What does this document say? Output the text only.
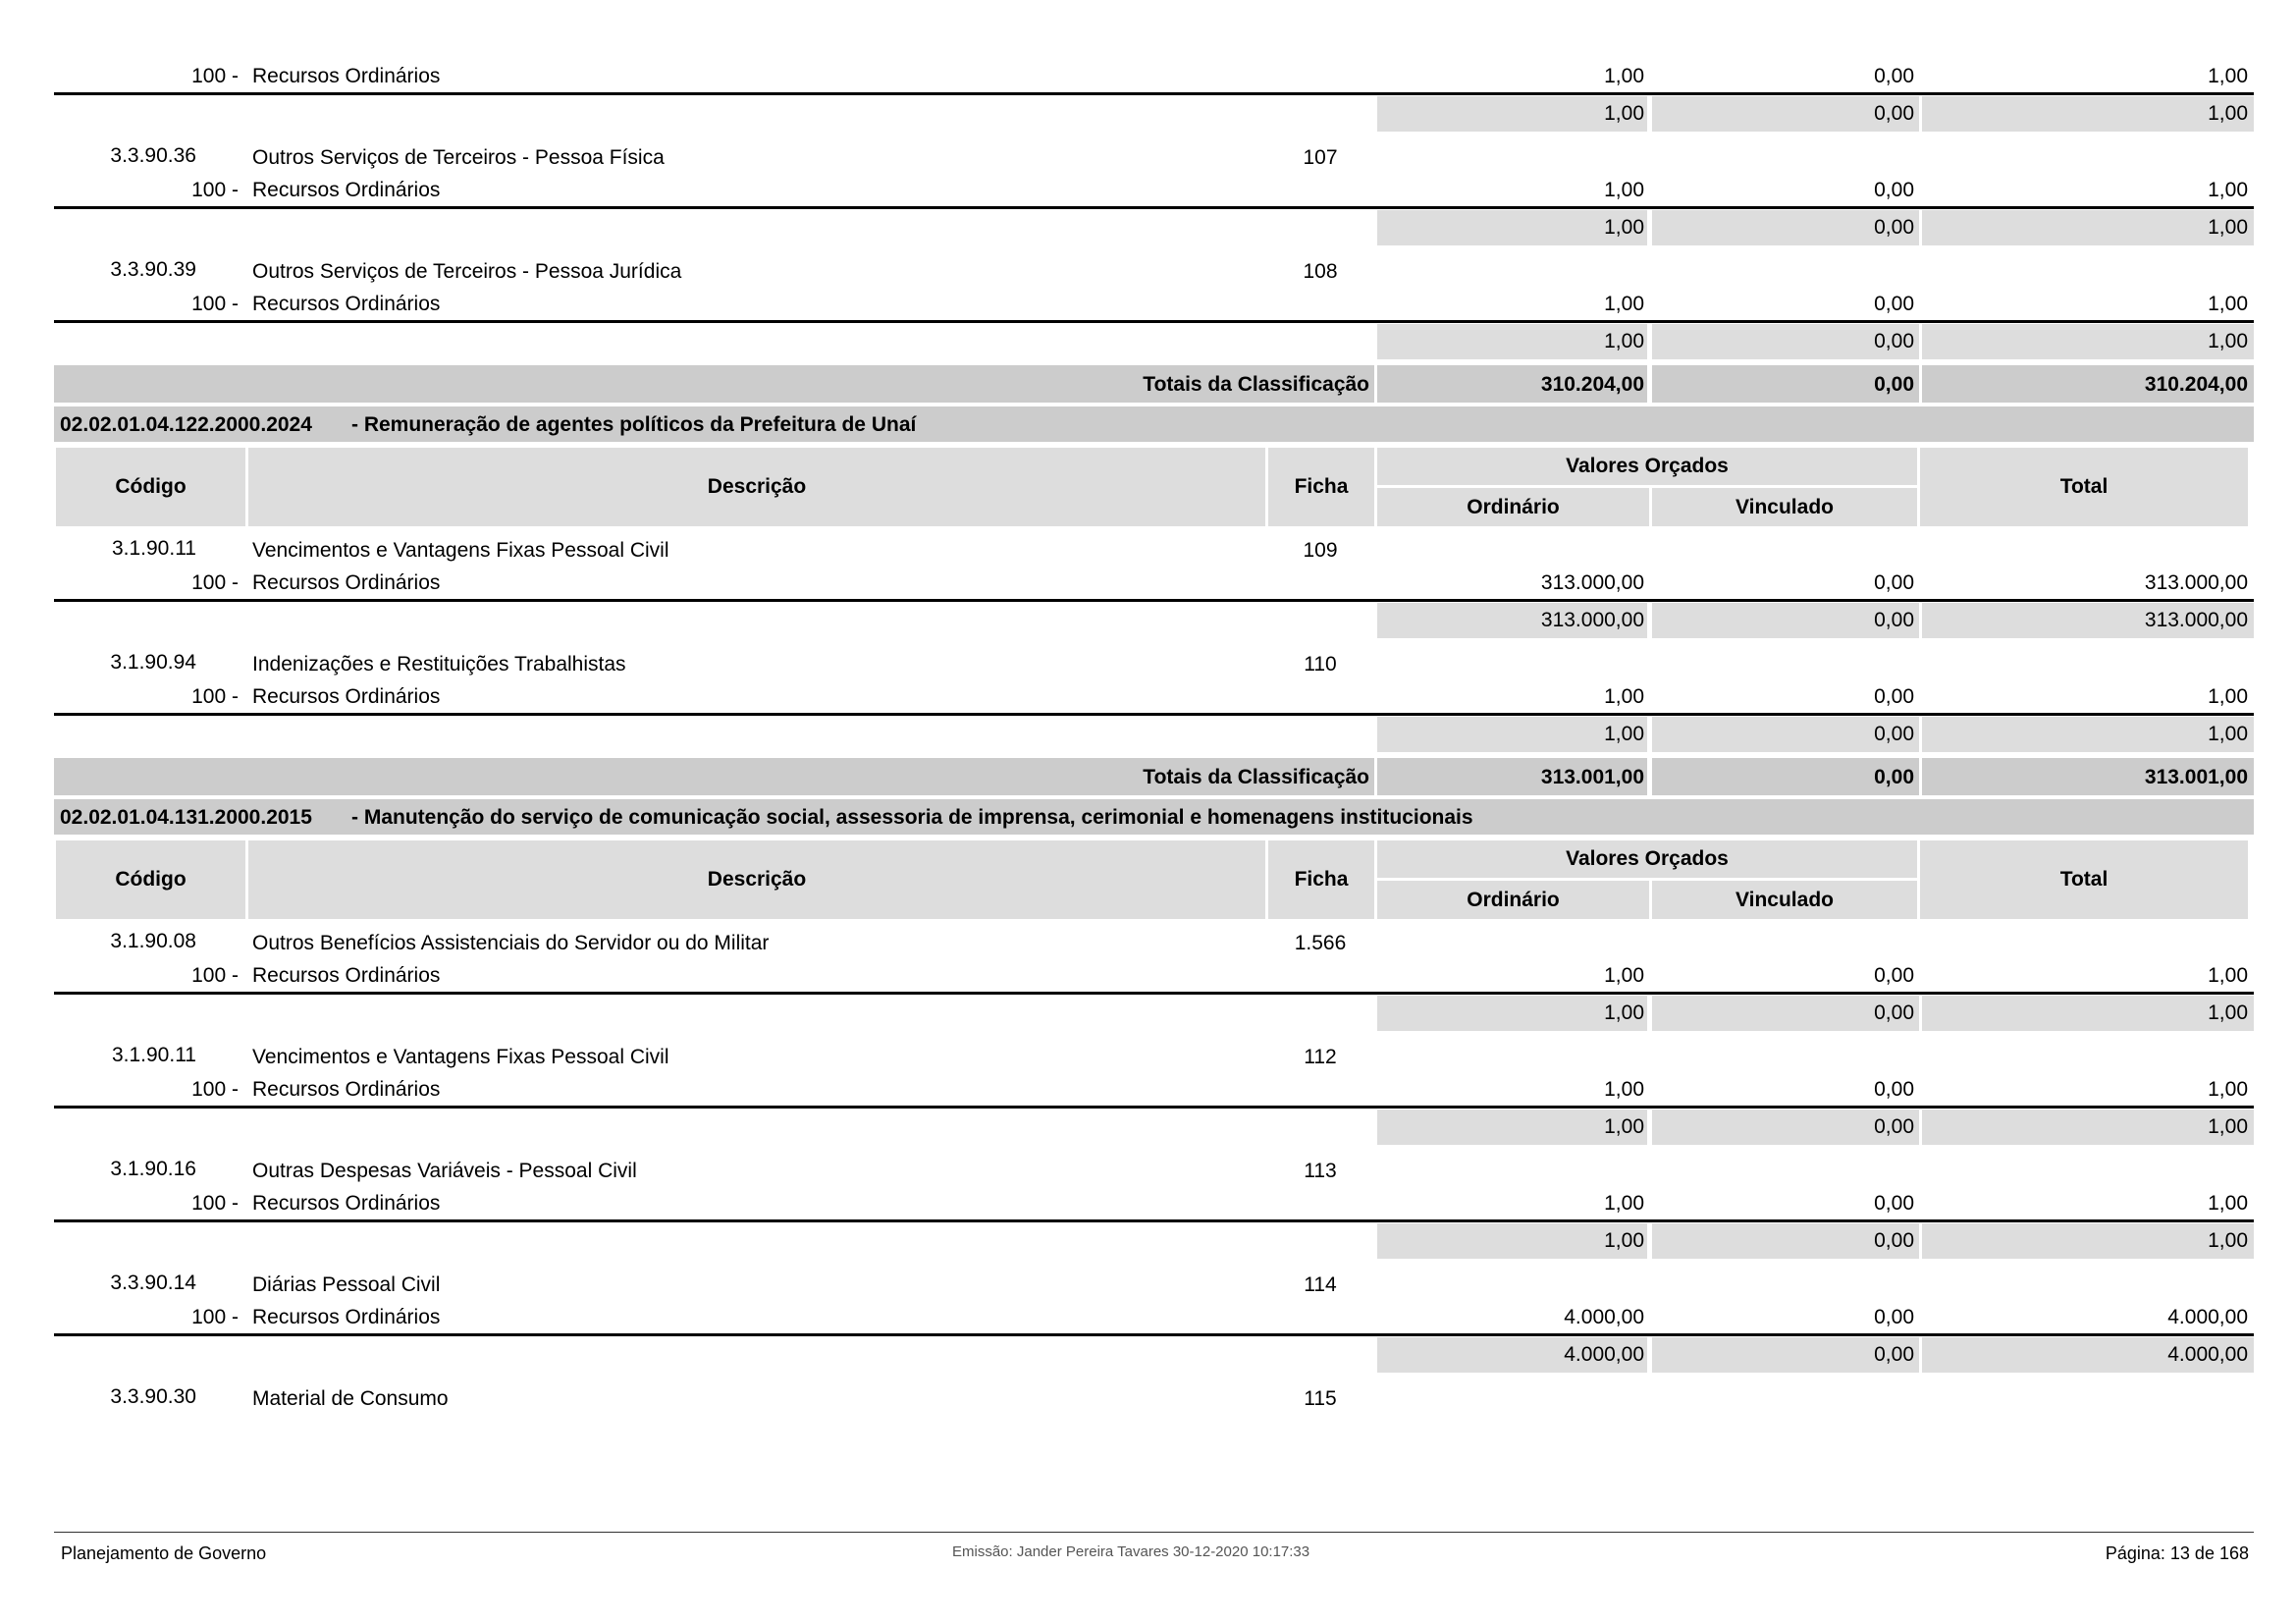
100 - Recursos Ordinários	1,00	0,00	1,00
1,00	0,00	1,00
3.3.90.36	Outros Serviços de Terceiros - Pessoa Física	107
100 - Recursos Ordinários	1,00	0,00	1,00
1,00	0,00	1,00
3.3.90.39	Outros Serviços de Terceiros - Pessoa Jurídica	108
100 - Recursos Ordinários	1,00	0,00	1,00
1,00	0,00	1,00
Totais da Classificação	310.204,00	0,00	310.204,00
02.02.01.04.122.2000.2024 - Remuneração de agentes políticos da Prefeitura de Unaí
Código	Descrição	Ficha
Valores Orçados
Ordinário	Vinculado
Total
3.1.90.11	Vencimentos e Vantagens Fixas Pessoal Civil	109
100 - Recursos Ordinários	313.000,00	0,00	313.000,00
313.000,00	0,00	313.000,00
3.1.90.94	Indenizações e Restituições Trabalhistas	110
100 - Recursos Ordinários	1,00	0,00	1,00
1,00	0,00	1,00
Totais da Classificação	313.001,00	0,00	313.001,00
02.02.01.04.131.2000.2015 - Manutenção do serviço de comunicação social, assessoria de imprensa, cerimonial e homenagens institucionais
Código	Descrição	Ficha
Valores Orçados
Ordinário	Vinculado
Total
3.1.90.08	Outros Benefícios Assistenciais do Servidor ou do Militar	1.566
100 - Recursos Ordinários	1,00	0,00	1,00
1,00	0,00	1,00
3.1.90.11	Vencimentos e Vantagens Fixas Pessoal Civil	112
100 - Recursos Ordinários	1,00	0,00	1,00
1,00	0,00	1,00
3.1.90.16	Outras Despesas Variáveis - Pessoal Civil	113
100 - Recursos Ordinários	1,00	0,00	1,00
1,00	0,00	1,00
3.3.90.14	Diárias Pessoal Civil	114
100 - Recursos Ordinários	4.000,00	0,00	4.000,00
4.000,00	0,00	4.000,00
3.3.90.30	Material de Consumo	115
Planejamento de Governo	Emissão: Jander Pereira Tavares 30-12-2020 10:17:33	Página: 13 de 168
